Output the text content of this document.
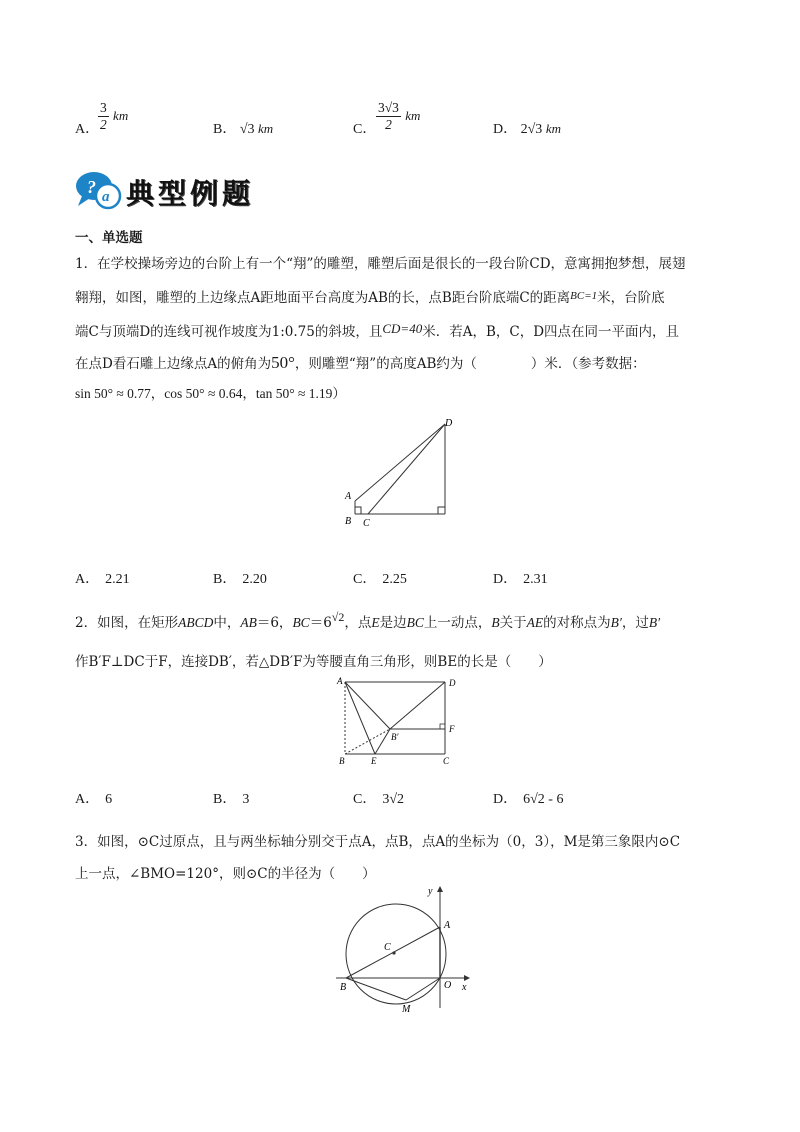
A．
$\frac{3}{2}$ km
B． √3 km	C． $\frac{3√3}{2}$ km
D． 2√3 km
? a 典型例题
一、单选题
1．在学校操场旁边的台阶上有一个“翔”的雕塑，雕塑后面是很长的一段台阶CD，意寓拥抱梦想，展翅
翱翔，如图，雕塑的上边缘点A距地面平台高度为AB的长，点B距台阶底端C的距离$^{BC=1}$米，台阶底
端C与顶端D的连线可视作坡度为1:0.75的斜坡，且CD=40米．若A，B，C，D四点在同一平面内，且
在点D看石雕上边缘点A的俯角为50°，则雕塑“翔”的高度AB约为（　　　　）米．（参考数据：
sin 50° ≈ 0.77，cos 50° ≈ 0.64，tan 50° ≈ 1.19）
A
B C
D
A． 2.21	B． 2.20	C． 2.25	D． 2.31
2．如图，在矩形ABCD中，AB＝6，BC＝6√2，点E是边BC上一动点，B关于AE的对称点为B′，过B′
作B′F⊥DC于F，连接DB′，若△DB′F为等腰直角三角形，则BE的长是（　　）
A	D
F
B′
B	E	C
A． 6	B． 3	C． 3√2	D． 6√2 - 6
3．如图，⊙C过原点，且与两坐标轴分别交于点A，点B，点A的坐标为（0，3），M是第三象限内⊙C
上一点，∠BMO=120°，则⊙C的半径为（　　）
y
x
A
C
B	O
M
